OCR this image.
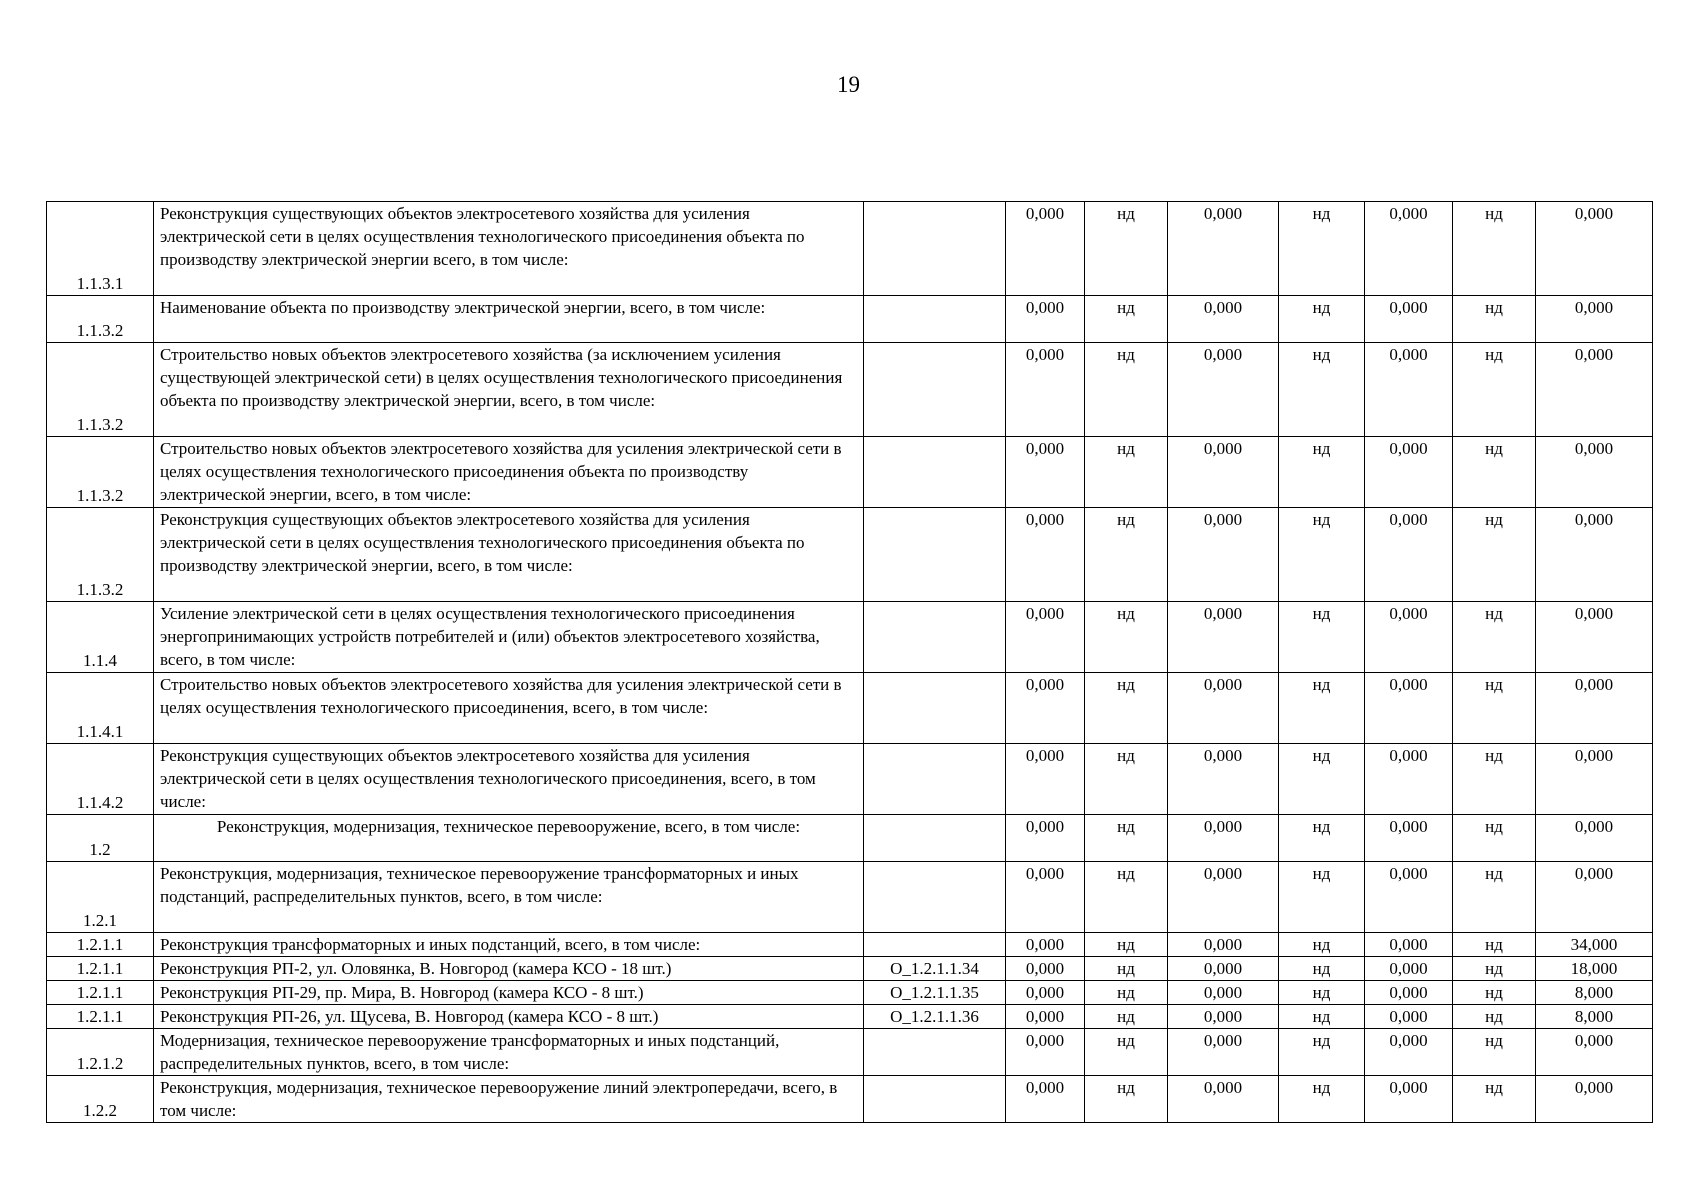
19
1.1.3.1	Реконструкция существующих объектов электросетевого хозяйства для усиления электрической сети в целях осуществления технологического присоединения объекта по производству электрической энергии всего, в том числе:		0,000	нд	0,000	нд	0,000	нд	0,000
1.1.3.2	Наименование объекта по производству электрической энергии, всего, в том числе:		0,000	нд	0,000	нд	0,000	нд	0,000
1.1.3.2	Строительство новых объектов электросетевого хозяйства (за исключением усиления существующей электрической сети) в целях осуществления технологического присоединения объекта по производству электрической энергии, всего, в том числе:		0,000	нд	0,000	нд	0,000	нд	0,000
1.1.3.2	Строительство новых объектов электросетевого хозяйства для усиления электрической сети в целях осуществления технологического присоединения объекта по производству электрической энергии, всего, в том числе:		0,000	нд	0,000	нд	0,000	нд	0,000
1.1.3.2	Реконструкция существующих объектов электросетевого хозяйства для усиления электрической сети в целях осуществления технологического присоединения объекта по производству электрической энергии, всего, в том числе:		0,000	нд	0,000	нд	0,000	нд	0,000
1.1.4	Усиление электрической сети в целях осуществления технологического присоединения энергопринимающих устройств потребителей и (или) объектов электросетевого хозяйства, всего, в том числе:		0,000	нд	0,000	нд	0,000	нд	0,000
1.1.4.1	Строительство новых объектов электросетевого хозяйства для усиления электрической сети в целях осуществления технологического присоединения, всего, в том числе:		0,000	нд	0,000	нд	0,000	нд	0,000
1.1.4.2	Реконструкция существующих объектов электросетевого хозяйства для усиления электрической сети в целях осуществления технологического присоединения, всего, в том числе:		0,000	нд	0,000	нд	0,000	нд	0,000
1.2	Реконструкция, модернизация, техническое перевооружение, всего, в том числе:		0,000	нд	0,000	нд	0,000	нд	0,000
1.2.1	Реконструкция, модернизация, техническое перевооружение трансформаторных и иных подстанций, распределительных пунктов, всего, в том числе:		0,000	нд	0,000	нд	0,000	нд	0,000
1.2.1.1	Реконструкция трансформаторных и иных подстанций, всего, в том числе:		0,000	нд	0,000	нд	0,000	нд	34,000
1.2.1.1	Реконструкция РП-2, ул. Оловянка, В. Новгород (камера КСО - 18 шт.)	О_1.2.1.1.34	0,000	нд	0,000	нд	0,000	нд	18,000
1.2.1.1	Реконструкция РП-29, пр. Мира, В. Новгород (камера КСО - 8 шт.)	О_1.2.1.1.35	0,000	нд	0,000	нд	0,000	нд	8,000
1.2.1.1	Реконструкция РП-26, ул. Щусева, В. Новгород (камера КСО - 8 шт.)	О_1.2.1.1.36	0,000	нд	0,000	нд	0,000	нд	8,000
1.2.1.2	Модернизация, техническое перевооружение трансформаторных и иных подстанций, распределительных пунктов, всего, в том числе:		0,000	нд	0,000	нд	0,000	нд	0,000
1.2.2	Реконструкция, модернизация, техническое перевооружение линий электропередачи, всего, в том числе:		0,000	нд	0,000	нд	0,000	нд	0,000
